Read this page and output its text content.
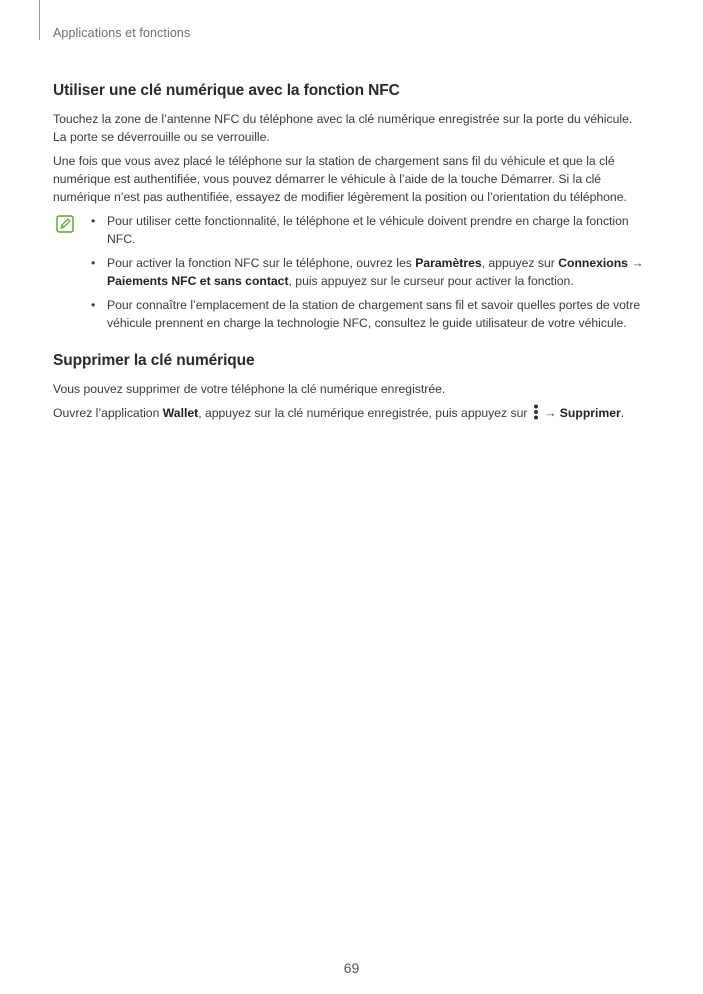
Applications et fonctions
Utiliser une clé numérique avec la fonction NFC

Touchez la zone de l’antenne NFC du téléphone avec la clé numérique enregistrée sur la porte du véhicule. La porte se déverrouille ou se verrouille.

Une fois que vous avez placé le téléphone sur la station de chargement sans fil du véhicule et que la clé numérique est authentifiée, vous pouvez démarrer le véhicule à l’aide de la touche Démarrer. Si la clé numérique n’est pas authentifiée, essayez de modifier légèrement la position ou l’orientation du téléphone.

• Pour utiliser cette fonctionnalité, le téléphone et le véhicule doivent prendre en charge la fonction NFC.
• Pour activer la fonction NFC sur le téléphone, ouvrez les Paramètres, appuyez sur Connexions → Paiements NFC et sans contact, puis appuyez sur le curseur pour activer la fonction.
• Pour connaître l’emplacement de la station de chargement sans fil et savoir quelles portes de votre véhicule prennent en charge la technologie NFC, consultez le guide utilisateur de votre véhicule.
Supprimer la clé numérique

Vous pouvez supprimer de votre téléphone la clé numérique enregistrée.

Ouvrez l’application Wallet, appuyez sur la clé numérique enregistrée, puis appuyez sur  → Supprimer.

69
